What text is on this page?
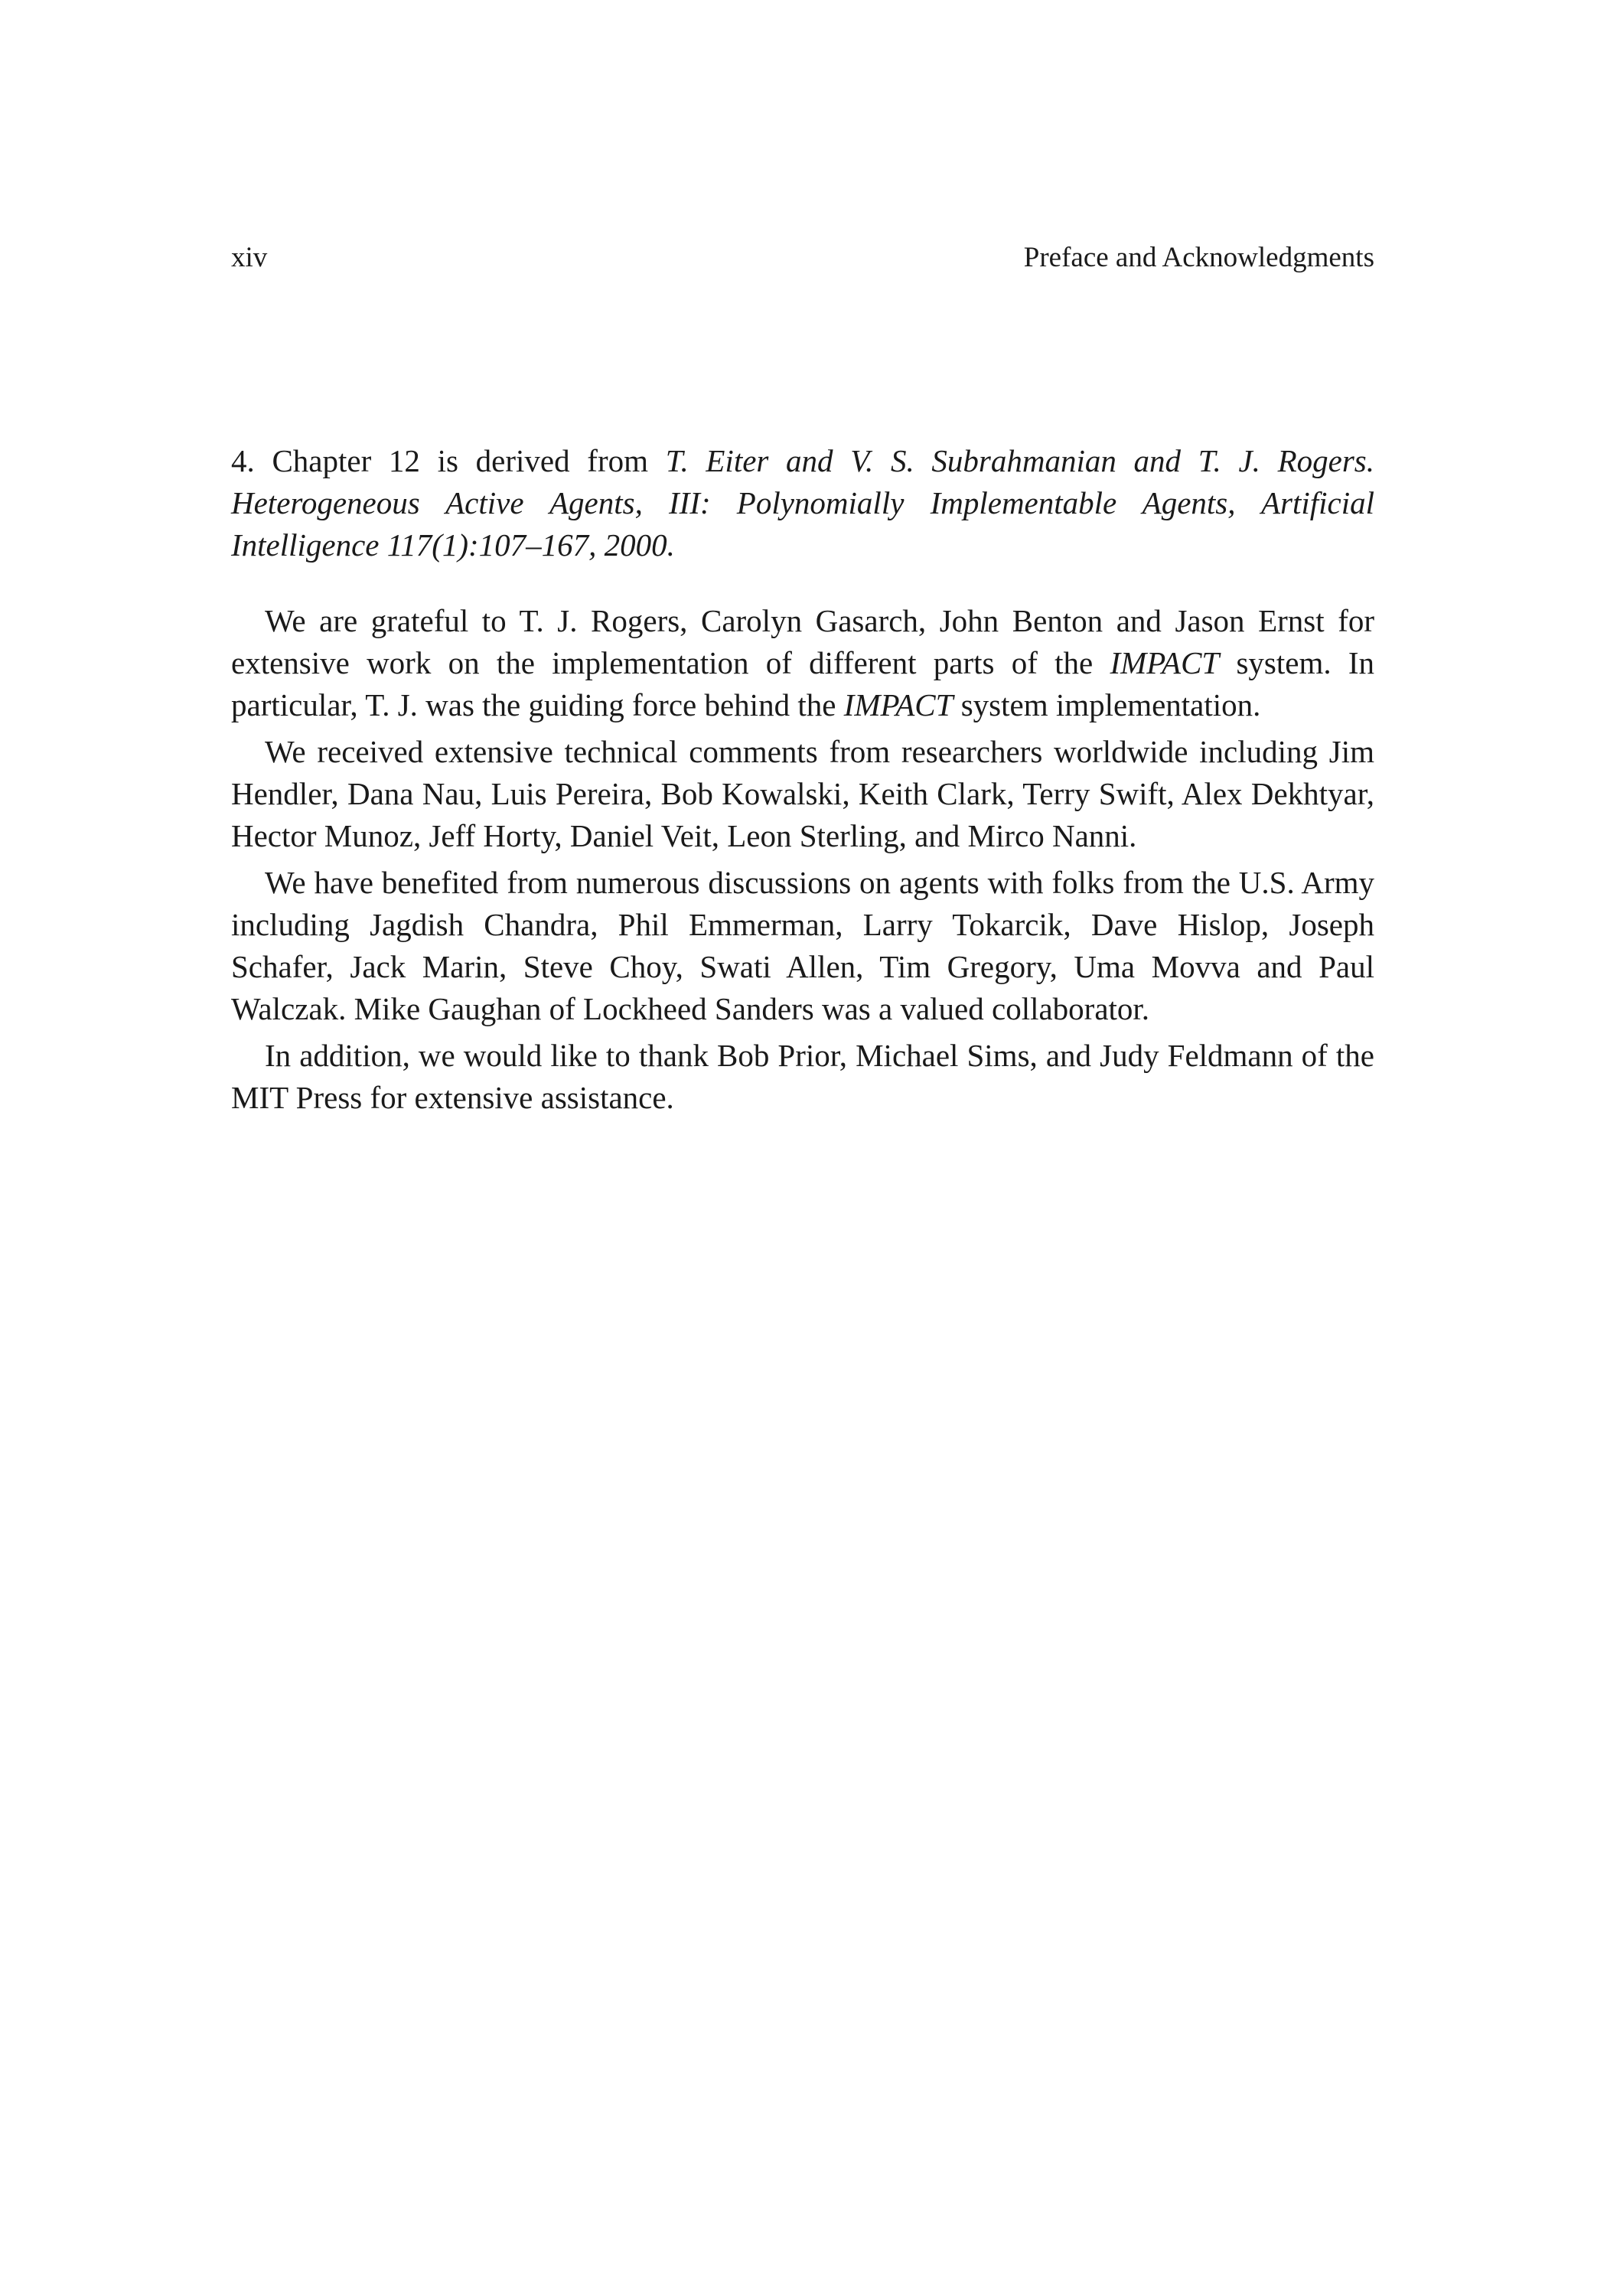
xiv	Preface and Acknowledgments

4. Chapter 12 is derived from T. Eiter and V. S. Subrahmanian and T. J. Rogers. Heterogeneous Active Agents, III: Polynomially Implementable Agents, Artificial Intelligence 117(1):107–167, 2000.

We are grateful to T. J. Rogers, Carolyn Gasarch, John Benton and Jason Ernst for extensive work on the implementation of different parts of the IMPACT system. In particular, T. J. was the guiding force behind the IMPACT system implementation.

We received extensive technical comments from researchers worldwide including Jim Hendler, Dana Nau, Luis Pereira, Bob Kowalski, Keith Clark, Terry Swift, Alex Dekhtyar, Hector Munoz, Jeff Horty, Daniel Veit, Leon Sterling, and Mirco Nanni.

We have benefited from numerous discussions on agents with folks from the U.S. Army including Jagdish Chandra, Phil Emmerman, Larry Tokarcik, Dave Hislop, Joseph Schafer, Jack Marin, Steve Choy, Swati Allen, Tim Gregory, Uma Movva and Paul Walczak. Mike Gaughan of Lockheed Sanders was a valued collaborator.

In addition, we would like to thank Bob Prior, Michael Sims, and Judy Feldmann of the MIT Press for extensive assistance.
